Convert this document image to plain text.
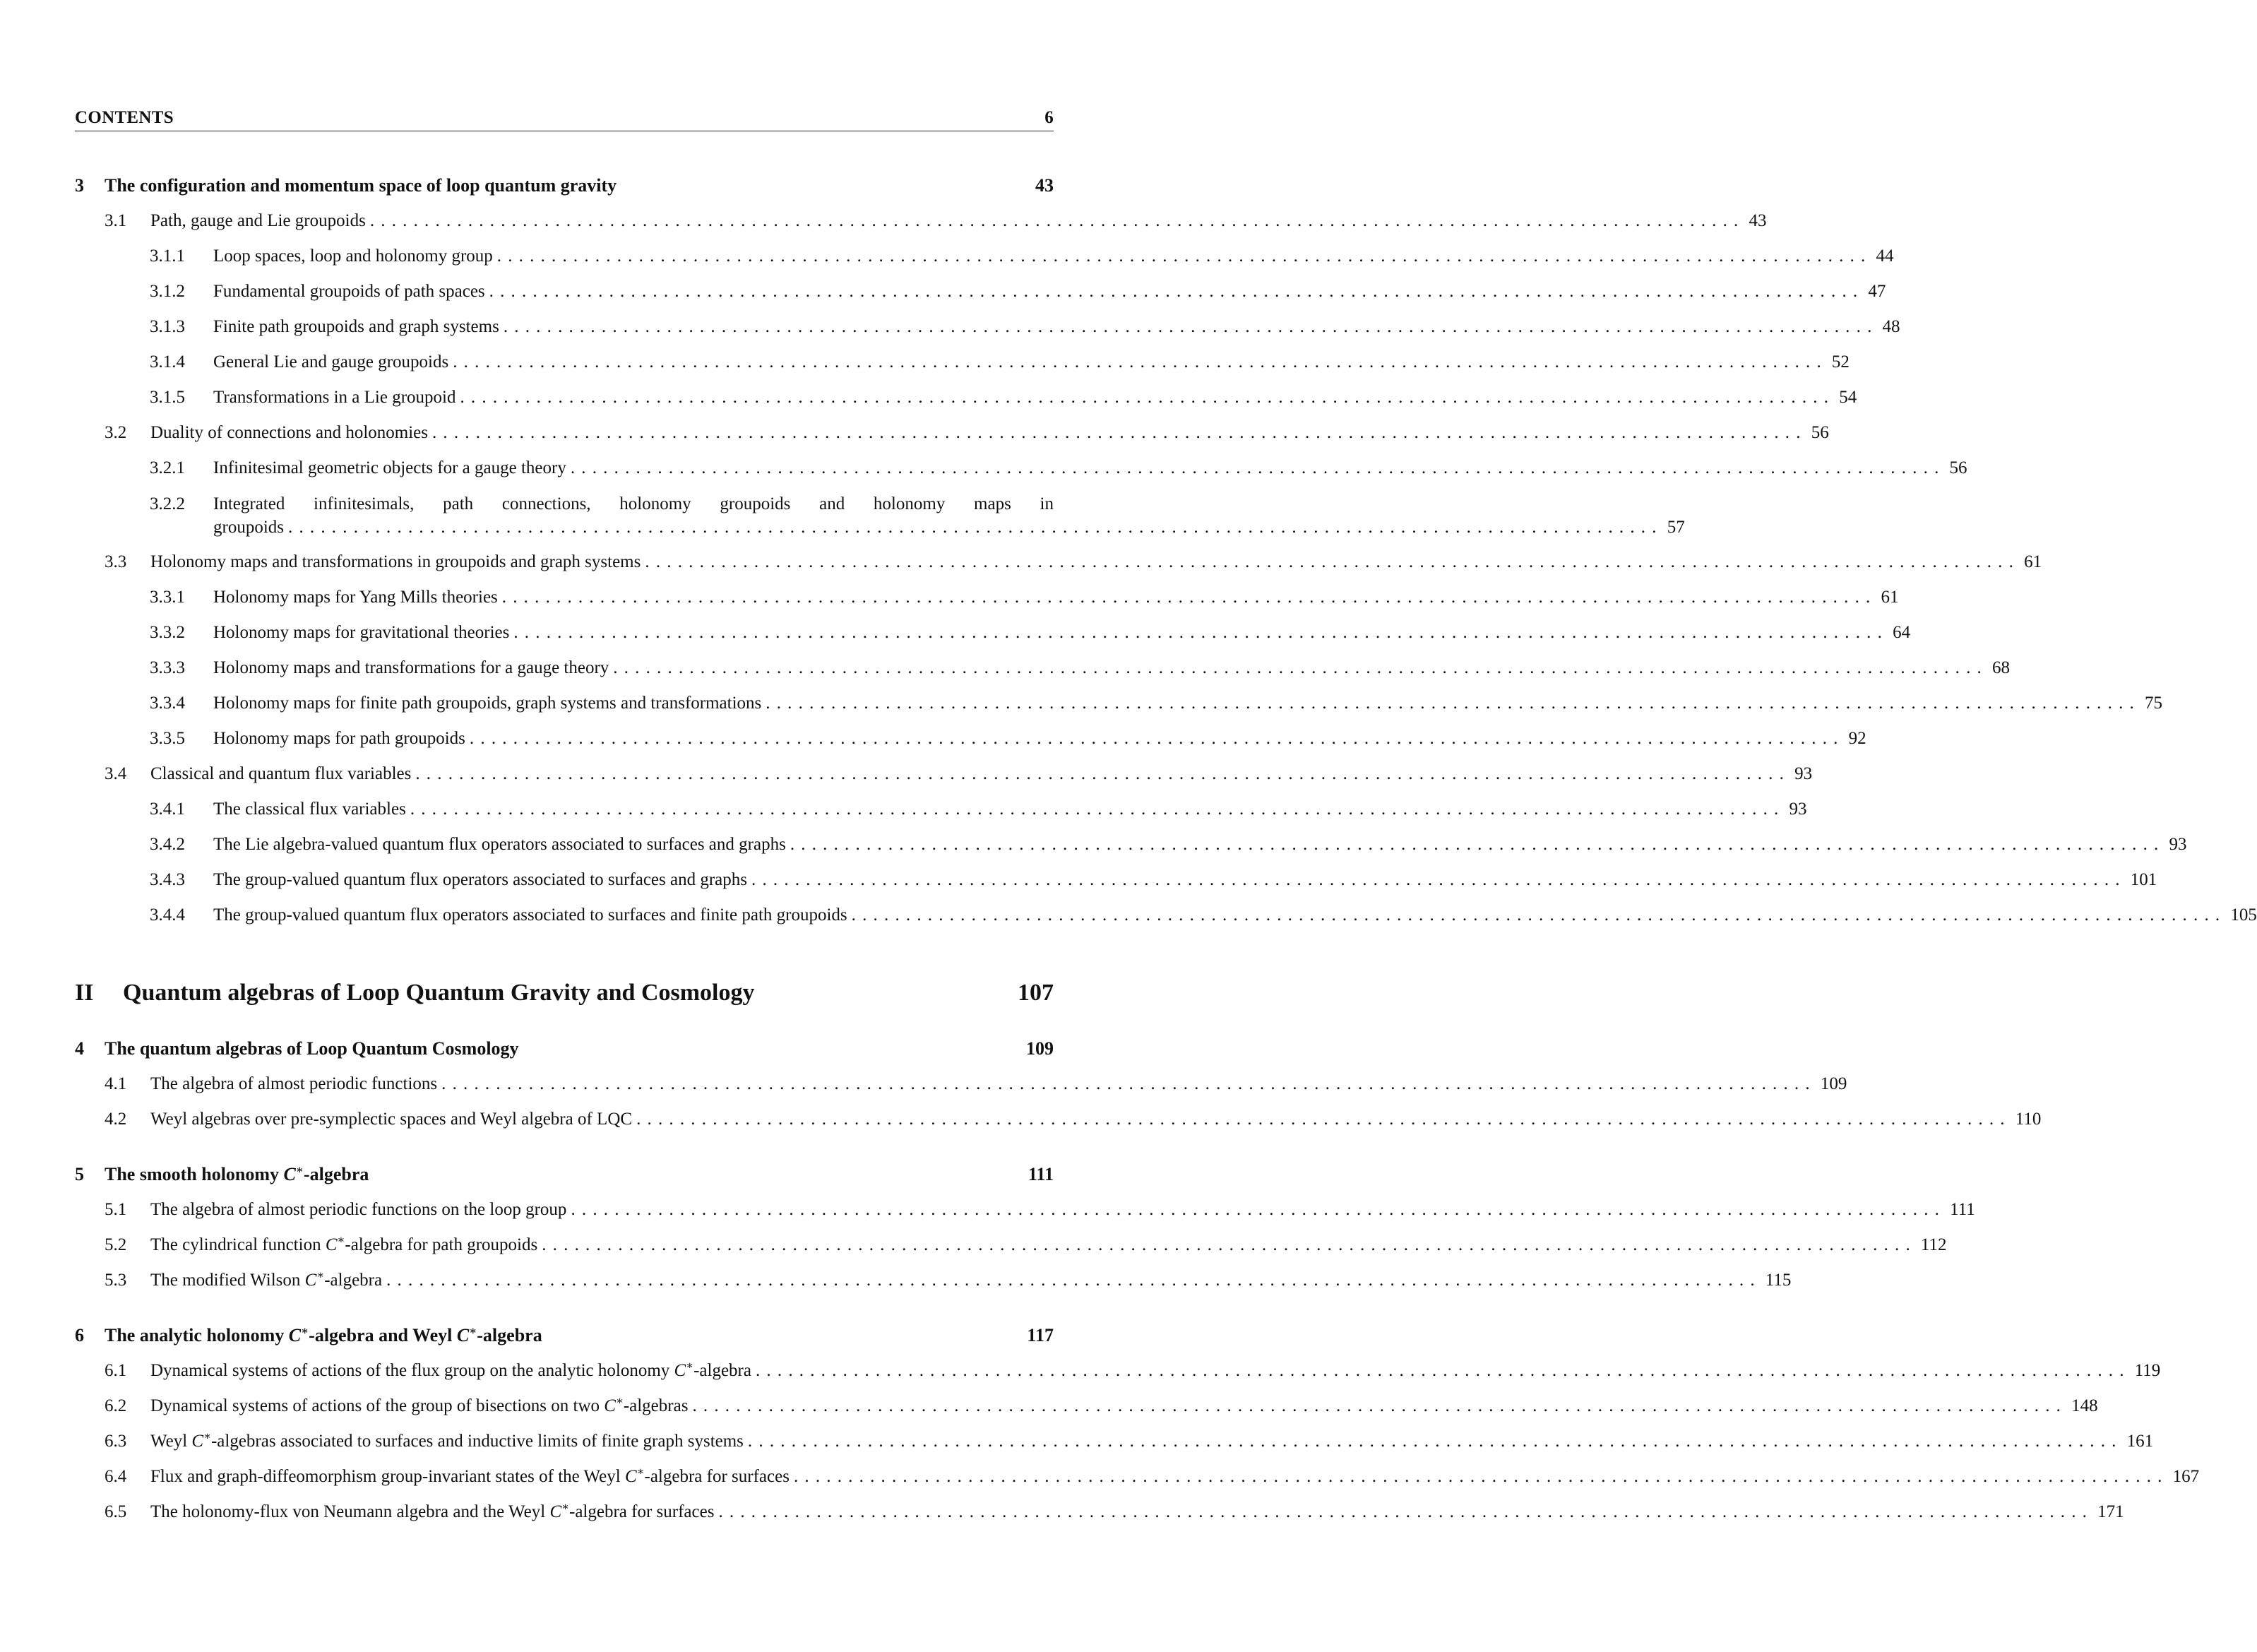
CONTENTS	6
3	The configuration and momentum space of loop quantum gravity	43
3.1	Path, gauge and Lie groupoids .............................................................................................................................. 43
3.1.1	Loop spaces, loop and holonomy group .............................................................................................................................. 44
3.1.2	Fundamental groupoids of path spaces .............................................................................................................................. 47
3.1.3	Finite path groupoids and graph systems .............................................................................................................................. 48
3.1.4	General Lie and gauge groupoids .............................................................................................................................. 52
3.1.5	Transformations in a Lie groupoid .............................................................................................................................. 54
3.2	Duality of connections and holonomies .............................................................................................................................. 56
3.2.1	Infinitesimal geometric objects for a gauge theory .............................................................................................................................. 56
3.2.2	Integrated infinitesimals, path connections, holonomy groupoids and holonomy maps in
groupoids .............................................................................................................................. 57
3.3	Holonomy maps and transformations in groupoids and graph systems .............................................................................................................................. 61
3.3.1	Holonomy maps for Yang Mills theories .............................................................................................................................. 61
3.3.2	Holonomy maps for gravitational theories .............................................................................................................................. 64
3.3.3	Holonomy maps and transformations for a gauge theory .............................................................................................................................. 68
3.3.4	Holonomy maps for finite path groupoids, graph systems and transformations .............................................................................................................................. 75
3.3.5	Holonomy maps for path groupoids .............................................................................................................................. 92
3.4	Classical and quantum flux variables .............................................................................................................................. 93
3.4.1	The classical flux variables .............................................................................................................................. 93
3.4.2	The Lie algebra-valued quantum flux operators associated to surfaces and graphs .............................................................................................................................. 93
3.4.3	The group-valued quantum flux operators associated to surfaces and graphs .............................................................................................................................. 101
3.4.4	The group-valued quantum flux operators associated to surfaces and finite path groupoids .............................................................................................................................. 105
II	Quantum algebras of Loop Quantum Gravity and Cosmology	107
4	The quantum algebras of Loop Quantum Cosmology	109
4.1	The algebra of almost periodic functions .............................................................................................................................. 109
4.2	Weyl algebras over pre-symplectic spaces and Weyl algebra of LQC .............................................................................................................................. 110
5	The smooth holonomy C∗-algebra	111
5.1	The algebra of almost periodic functions on the loop group .............................................................................................................................. 111
5.2	The cylindrical function C∗-algebra for path groupoids .............................................................................................................................. 112
5.3	The modified Wilson C∗-algebra .............................................................................................................................. 115
6	The analytic holonomy C∗-algebra and Weyl C∗-algebra	117
6.1	Dynamical systems of actions of the flux group on the analytic holonomy C∗-algebra .............................................................................................................................. 119
6.2	Dynamical systems of actions of the group of bisections on two C∗-algebras .............................................................................................................................. 148
6.3	Weyl C∗-algebras associated to surfaces and inductive limits of finite graph systems .............................................................................................................................. 161
6.4	Flux and graph-diffeomorphism group-invariant states of the Weyl C∗-algebra for surfaces .............................................................................................................................. 167
6.5	The holonomy-flux von Neumann algebra and the Weyl C∗-algebra for surfaces .............................................................................................................................. 171
